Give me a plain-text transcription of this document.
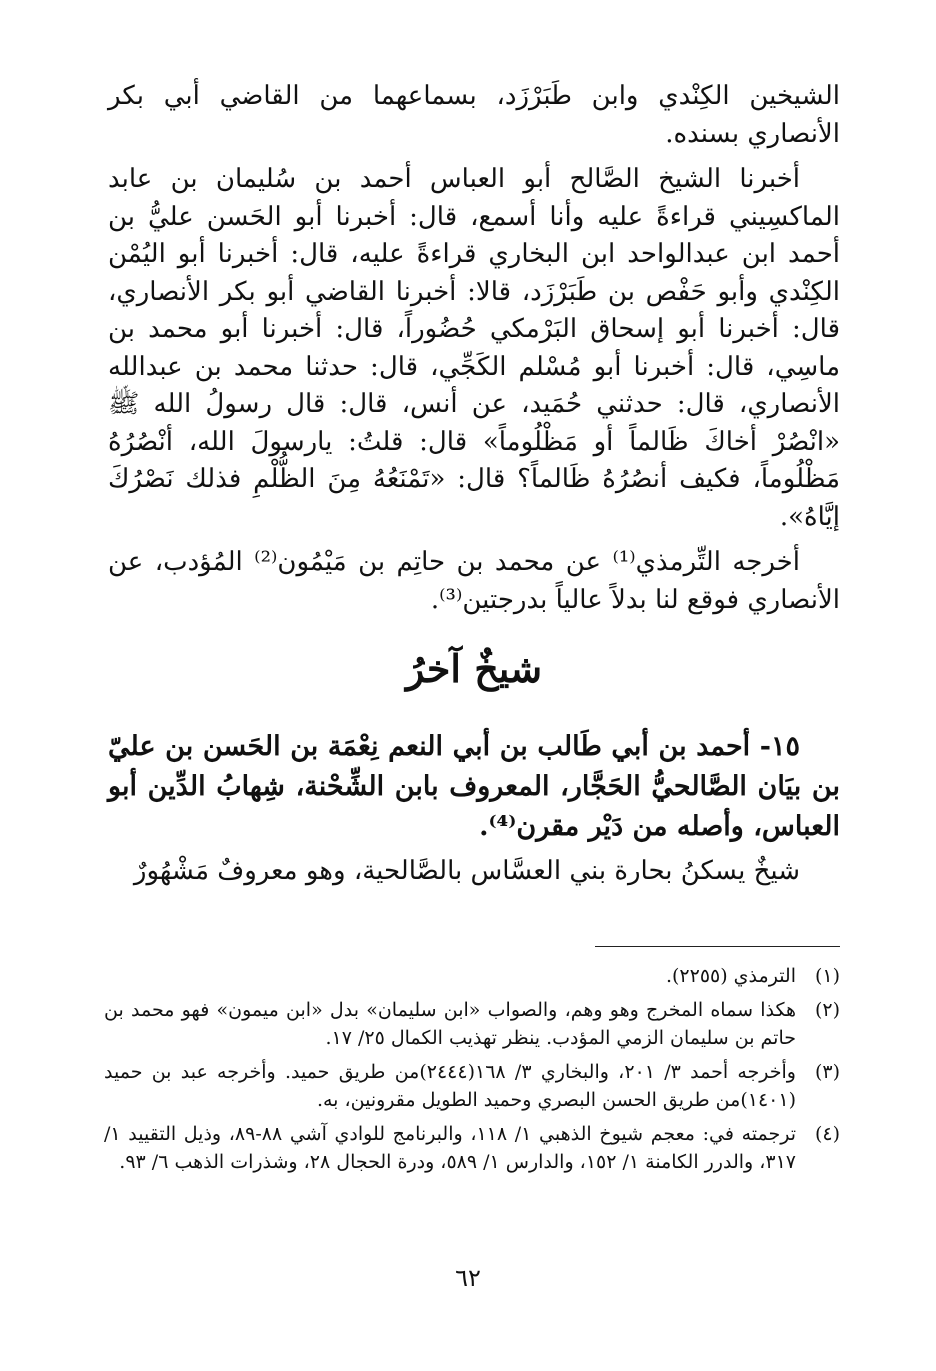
الشيخين الكِنْدي وابن طَبَرْزَد، بسماعهما من القاضي أبي بكر الأنصاري بسنده.

أخبرنا الشيخ الصَّالح أبو العباس أحمد بن سُليمان بن عابد الماكسِيني قراءةً عليه وأنا أسمع، قال: أخبرنا أبو الحَسن عليُّ بن أحمد ابن عبدالواحد ابن البخاري قراءةً عليه، قال: أخبرنا أبو اليُمْن الكِنْدي وأبو حَفْص بن طَبَرْزَد، قالا: أخبرنا القاضي أبو بكر الأنصاري، قال: أخبرنا أبو إسحاق البَرْمكي حُضُوراً، قال: أخبرنا أبو محمد بن ماسِي، قال: أخبرنا أبو مُسْلم الكَجِّي، قال: حدثنا محمد بن عبدالله الأنصاري، قال: حدثني حُمَيد، عن أنس، قال: قال رسولُ الله ﷺ «انْصُرْ أخاكَ ظَالماً أو مَظْلُوماً» قال: قلتُ: يارسولَ الله، أنْصُرُهُ مَظْلُوماً، فكيف أنصُرُهُ ظَالماً؟ قال: «تَمْنَعُهُ مِنَ الظُّلْمِ فذلك نَصْرُكَ إيَّاهُ».

أخرجه التِّرمذي⁽¹⁾ عن محمد بن حاتِم بن مَيْمُون⁽²⁾ المُؤدب، عن الأنصاري فوقع لنا بدلاً عالياً بدرجتين⁽³⁾.

شيخٌ آخرُ

١٥- أحمد بن أبي طَالب بن أبي النعم نِعْمَة بن الحَسن بن عليّ بن بيَان الصَّالحيُّ الحَجَّار، المعروف بابن الشِّحْنة، شِهابُ الدِّين أبو العباس، وأصله من دَيْر مقرن⁽⁴⁾.

شيخٌ يسكنُ بحارة بني العسَّاس بالصَّالحية، وهو معروفٌ مَشْهُورٌ

(١)
الترمذي (٢٢٥٥).
(٢)
هكذا سماه المخرج وهو وهم، والصواب «ابن سليمان» بدل «ابن ميمون» فهو محمد بن حاتم بن سليمان الزمي المؤدب. ينظر تهذيب الكمال ٢٥/ ١٧.
(٣)
وأخرجه أحمد ٣/ ٢٠١، والبخاري ٣/ ١٦٨(٢٤٤٤)من طريق حميد. وأخرجه عبد بن حميد (١٤٠١)من طريق الحسن البصري وحميد الطويل مقرونين، به.
(٤)
ترجمته في: معجم شيوخ الذهبي ١/ ١١٨، والبرنامج للوادي آشي ٨٨-٨٩، وذيل التقييد ١/ ٣١٧، والدرر الكامنة ١/ ١٥٢، والدارس ١/ ٥٨٩، ودرة الحجال ٢٨، وشذرات الذهب ٦/ ٩٣.
٦٢
